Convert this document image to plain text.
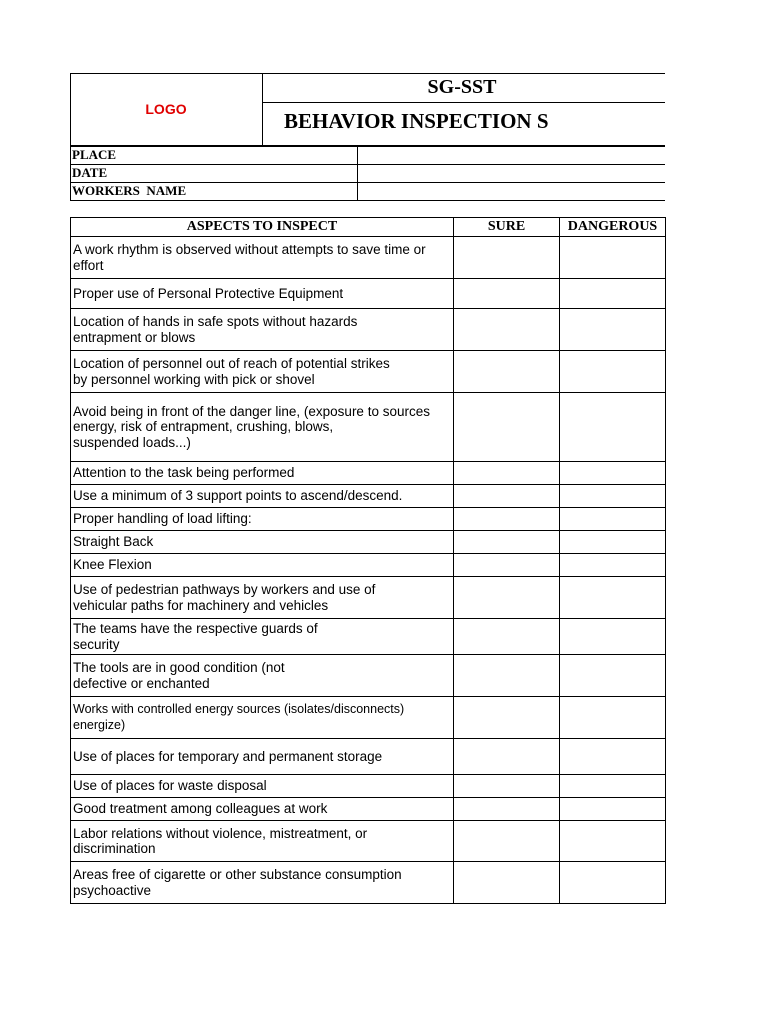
LOGO
SG-SST
BEHAVIOR INSPECTION S
PLACE
DATE
WORKERS  NAME
ASPECTS TO INSPECT	SURE	DANGEROUS
A work rhythm is observed without attempts to save time or
effort		
Proper use of Personal Protective Equipment		
Location of hands in safe spots without hazards
entrapment or blows		
Location of personnel out of reach of potential strikes
by personnel working with pick or shovel		
Avoid being in front of the danger line, (exposure to sources
energy, risk of entrapment, crushing, blows,
suspended loads...)		
Attention to the task being performed		
Use a minimum of 3 support points to ascend/descend.		
Proper handling of load lifting:		
Straight Back		
Knee Flexion		
Use of pedestrian pathways by workers and use of
vehicular paths for machinery and vehicles		
The teams have the respective guards of
security		
The tools are in good condition (not
defective or enchanted		
Works with controlled energy sources (isolates/disconnects)
energize)		
Use of places for temporary and permanent storage		
Use of places for waste disposal		
Good treatment among colleagues at work		
Labor relations without violence, mistreatment, or discrimination		
Areas free of cigarette or other substance consumption
psychoactive		
